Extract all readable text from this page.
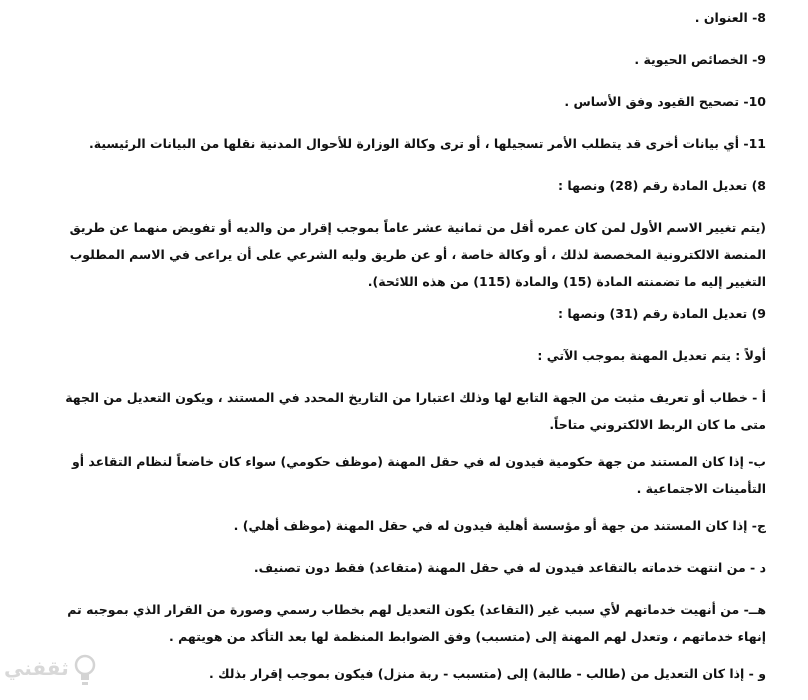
8- العنوان .
9- الخصائص الحيوية .
10- تصحيح القيود وفق الأساس .
11- أي بيانات أخرى قد يتطلب الأمر تسجيلها ، أو ترى وكالة الوزارة للأحوال المدنية نقلها من البيانات الرئيسية.
8) تعديل المادة رقم (28) ونصها :
(يتم تغيير الاسم الأول لمن كان عمره أقل من ثمانية عشر عاماً بموجب إقرار من والديه أو تفويض منهما عن طريق المنصة الالكترونية المخصصة لذلك ، أو وكالة خاصة ، أو عن طريق وليه الشرعي على أن يراعى في الاسم المطلوب التغيير إليه ما تضمنته المادة (15) والمادة (115) من هذه اللائحة).
9) تعديل المادة رقم (31) ونصها :
أولاً : يتم تعديل المهنة بموجب الآتي :
أ - خطاب أو تعريف مثبت من الجهة التابع لها وذلك اعتبارا من التاريخ المحدد في المستند ، ويكون التعديل من الجهة متى ما كان الربط الالكتروني متاحاً.
ب- إذا كان المستند من جهة حكومية فيدون له في حقل المهنة (موظف حكومي) سواء كان خاضعاً لنظام التقاعد أو التأمينات الاجتماعية .
ج- إذا كان المستند من جهة أو مؤسسة أهلية فيدون له في حقل المهنة (موظف أهلي) .
د - من انتهت خدماته بالتقاعد فيدون له في حقل المهنة (متقاعد) فقط دون تصنيف.
هــ- من أنهيت خدماتهم لأي سبب غير (التقاعد) يكون التعديل لهم بخطاب رسمي وصورة من القرار الذي بموجبه تم إنهاء خدماتهم ، وتعدل لهم المهنة إلى (متسبب) وفق الضوابط المنظمة لها بعد التأكد من هويتهم .
و - إذا كان التعديل من (طالب - طالبة) إلى (متسبب - ربة منزل) فيكون بموجب إقرار بذلك .
ثقفني
